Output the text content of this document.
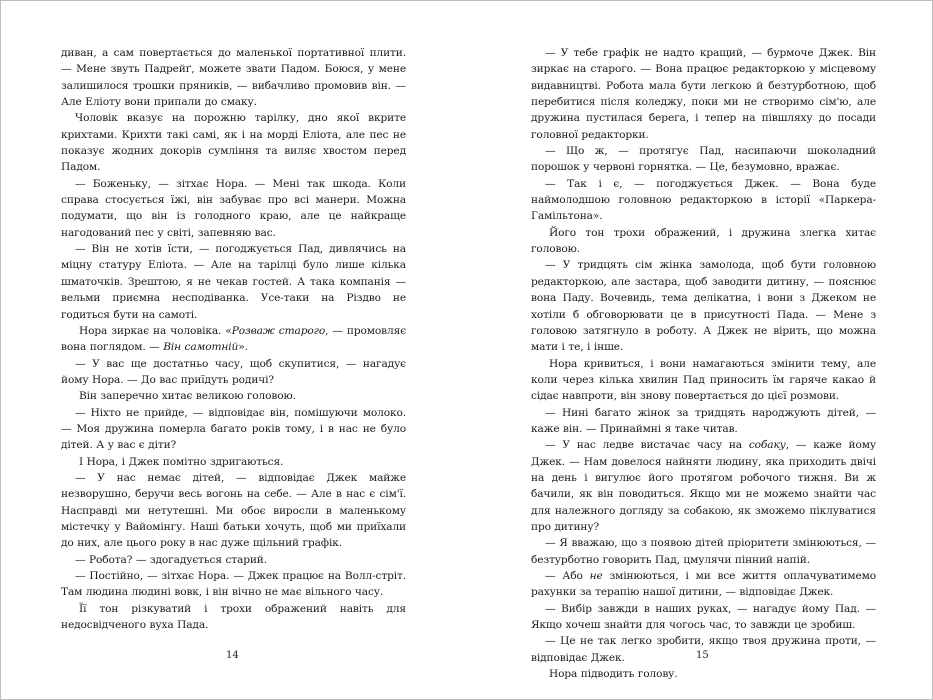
диван, а сам повертається до маленької портативної плити. — Мене звуть Падрейґ, можете звати Падом. Боюся, у мене залишилося трошки пряників, — вибачливо промовив він. — Але Еліоту вони припали до смаку.

Чоловік вказує на порожню тарілку, дно якої вкрите крихтами. Крихти такі самі, як і на морді Еліота, але пес не показує жодних докорів сумління та виляє хвостом перед Падом.

— Боженьку, — зітхає Нора. — Мені так шкода. Коли справа стосується їжі, він забуває про всі манери. Можна подумати, що він із голодного краю, але це найкраще нагодований пес у світі, запевняю вас.

— Він не хотів їсти, — погоджується Пад, дивлячись на міцну статуру Еліота. — Але на тарілці було лише кілька шматочків. Зрештою, я не чекав гостей. А така компанія — вельми приємна несподіванка. Усе-таки на Різдво не годиться бути на самоті.

Нора зиркає на чоловіка. «Розваж старого, — промовляє вона поглядом. — Він самотній».

— У вас ще достатньо часу, щоб скупитися, — нагадує йому Нора. — До вас приїдуть родичі?

Він заперечно хитає великою головою.

— Ніхто не прийде, — відповідає він, помішуючи молоко. — Моя дружина померла багато років тому, і в нас не було дітей. А у вас є діти?

І Нора, і Джек помітно здригаються.

— У нас немає дітей, — відповідає Джек майже незворушно, беручи весь вогонь на себе. — Але в нас є сім'ї. Насправді ми нетутешні. Ми обоє виросли в маленькому містечку у Вайомінгу. Наші батьки хочуть, щоб ми приїхали до них, але цього року в нас дуже щільний графік.

— Робота? — здогадується старий.

— Постійно, — зітхає Нора. — Джек працює на Волл-стріт. Там людина людині вовк, і він вічно не має вільного часу.

Її тон різкуватий і трохи ображений навіть для недосвідченого вуха Пада.

— У тебе графік не надто кращий, — бурмоче Джек. Він зиркає на старого. — Вона працює редакторкою у місцевому видавництві. Робота мала бути легкою й безтурботною, щоб перебитися після коледжу, поки ми не створимо сім'ю, але дружина пустилася берега, і тепер на півшляху до посади головної редакторки.

— Що ж, — протягує Пад, насипаючи шоколадний порошок у червоні горнятка. — Це, безумовно, вражає.

— Так і є, — погоджується Джек. — Вона буде наймолодшою головною редакторкою в історії «Паркера-Гамільтона».

Його тон трохи ображений, і дружина злегка хитає головою.

— У тридцять сім жінка замолода, щоб бути головною редакторкою, але застара, щоб заводити дитину, — пояснює вона Паду. Вочевидь, тема делікатна, і вони з Джеком не хотіли б обговорювати це в присутності Пада. — Мене з головою затягнуло в роботу. А Джек не вірить, що можна мати і те, і інше.

Нора кривиться, і вони намагаються змінити тему, але коли через кілька хвилин Пад приносить їм гаряче какао й сідає навпроти, він знову повертається до цієї розмови.

— Нині багато жінок за тридцять народжують дітей, — каже він. — Принаймні я таке читав.

— У нас ледве вистачає часу на собаку, — каже йому Джек. — Нам довелося найняти людину, яка приходить двічі на день і вигулює його протягом робочого тижня. Ви ж бачили, як він поводиться. Якщо ми не можемо знайти час для належного догляду за собакою, як зможемо піклуватися про дитину?

— Я вважаю, що з появою дітей пріоритети змінюються, — безтурботно говорить Пад, цмулячи пінний напій.

— Або не змінюються, і ми все життя оплачуватимемо рахунки за терапію нашої дитини, — відповідає Джек.

— Вибір завжди в наших руках, — нагадує йому Пад. — Якщо хочеш знайти для чогось час, то завжди це зробиш.

— Це не так легко зробити, якщо твоя дружина проти, — відповідає Джек.

Нора підводить голову.

14	15
